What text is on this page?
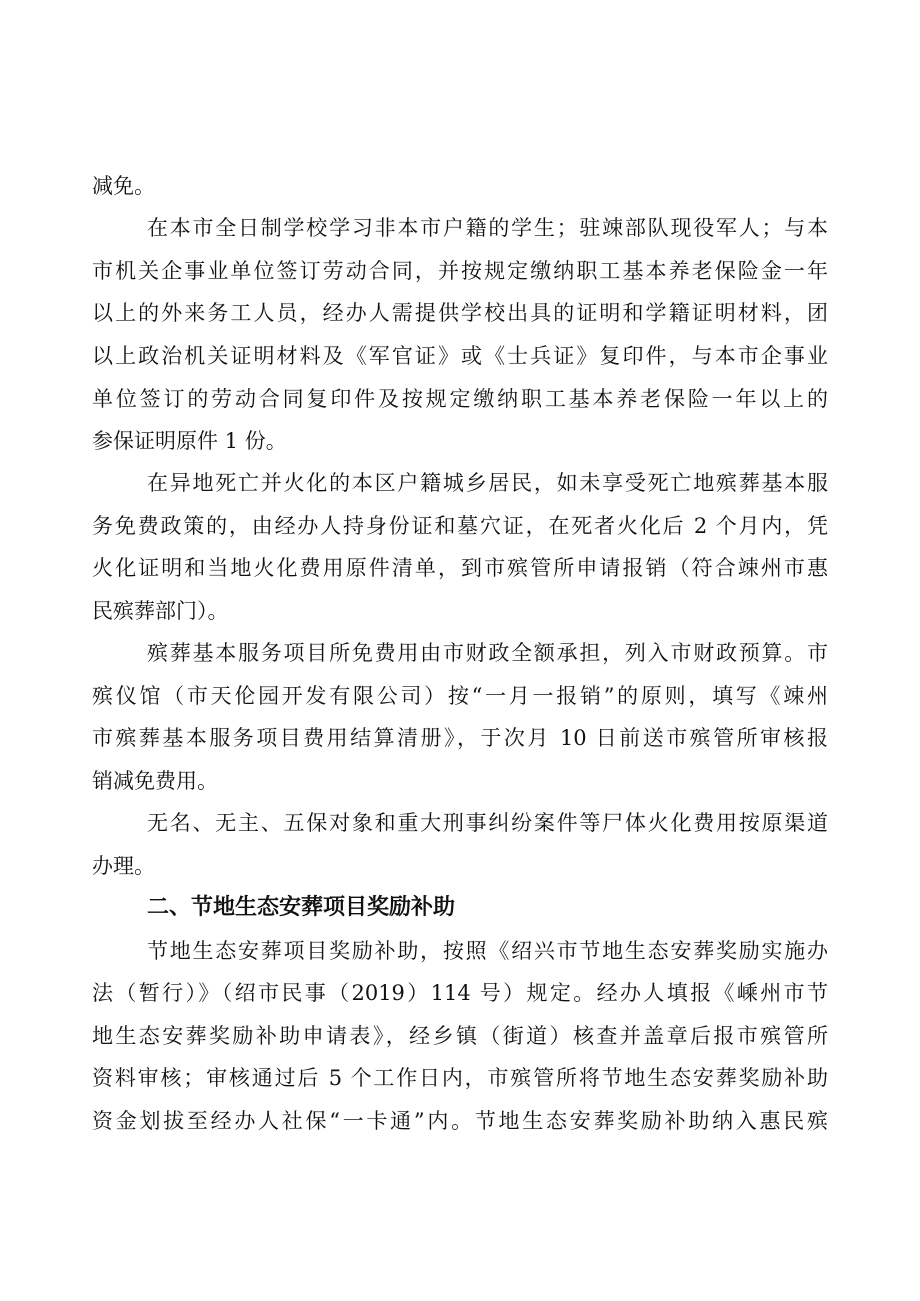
减免。
在本市全日制学校学习非本市户籍的学生；驻竦部队现役军人；与本
市机关企事业单位签订劳动合同，并按规定缴纳职工基本养老保险金一年
以上的外来务工人员，经办人需提供学校出具的证明和学籍证明材料，团
以上政治机关证明材料及《军官证》或《士兵证》复印件，与本市企事业
单位签订的劳动合同复印件及按规定缴纳职工基本养老保险一年以上的
参保证明原件 1 份。
在异地死亡并火化的本区户籍城乡居民，如未享受死亡地殡葬基本服
务免费政策的，由经办人持身份证和墓穴证，在死者火化后 2 个月内，凭
火化证明和当地火化费用原件清单，到市殡管所申请报销（符合竦州市惠
民殡葬部门）。
殡葬基本服务项目所免费用由市财政全额承担，列入市财政预算。市
殡仪馆（市天伦园开发有限公司）按“一月一报销”的原则，填写《竦州
市殡葬基本服务项目费用结算清册》，于次月 10 日前送市殡管所审核报
销减免费用。
无名、无主、五保对象和重大刑事纠纷案件等尸体火化费用按原渠道
办理。
二、节地生态安葬项目奖励补助
节地生态安葬项目奖励补助，按照《绍兴市节地生态安葬奖励实施办
法（暂行）》（绍市民事（2019）114 号）规定。经办人填报《嵊州市节
地生态安葬奖励补助申请表》，经乡镇（街道）核查并盖章后报市殡管所
资料审核；审核通过后 5 个工作日内，市殡管所将节地生态安葬奖励补助
资金划拔至经办人社保“一卡通”内。节地生态安葬奖励补助纳入惠民殡
